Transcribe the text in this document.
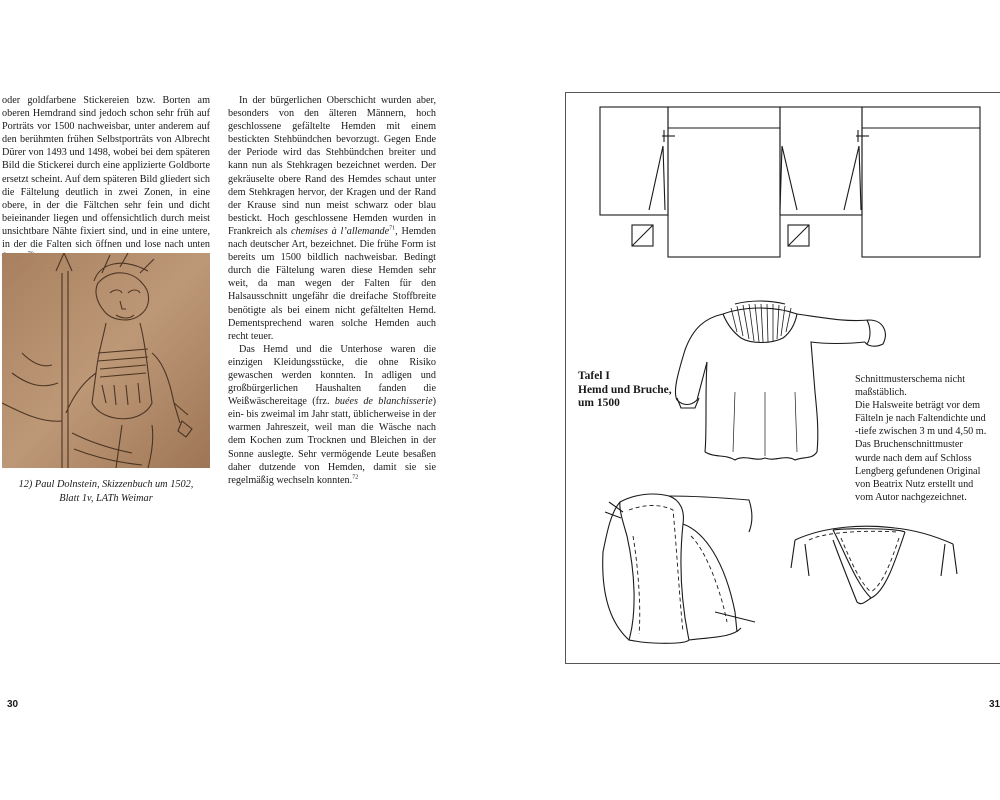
oder goldfarbene Stickereien bzw. Borten am oberen Hemdrand sind jedoch schon sehr früh auf Porträts vor 1500 nachweisbar, unter anderem auf den berühmten frühen Selbstporträts von Albrecht Dürer von 1493 und 1498, wobei bei dem späteren Bild die Stickerei durch eine applizierte Goldborte ersetzt scheint. Auf dem späteren Bild gliedert sich die Fältelung deutlich in zwei Zonen, in eine obere, in der die Fältchen sehr fein und dicht beieinander liegen und offensichtlich durch meist unsichtbare Nähte fixiert sind, und in eine untere, in der die Falten sich öffnen und lose nach unten

12) Paul Dolnstein, Skizzenbuch um 1502,
Blatt 1v, LATh Weimar

In der bürgerlichen Oberschicht wurden aber, besonders von den älteren Männern, hoch geschlossene gefältelte Hemden mit einem bestickten Stehbündchen bevorzugt. Gegen Ende der Periode wird das Stehbündchen breiter und kann nun als Stehkragen bezeichnet werden. Der gekräuselte obere Rand des Hemdes schaut unter dem Stehkragen hervor, der Kragen und der Rand der Krause sind nun meist schwarz oder blau bestickt. Hoch geschlossene Hemden wurden in Frankreich als chemises à l’allemande$^{71}$, Hemden nach deutscher Art, bezeichnet. Die frühe Form ist bereits um 1500 bildlich nachweisbar. Bedingt durch die Fältelung waren diese Hemden sehr weit, da man wegen der Falten für den Halsausschnitt ungefähr die dreifache Stoffbreite benötigte als bei einem nicht gefältelten Hemd. Dementsprechend waren solche Hemden auch recht teuer.

Das Hemd und die Unterhose waren die einzigen Kleidungsstücke, die ohne Risiko gewaschen werden konnten. In adligen und großbürgerlichen Haushalten fanden die Weißwäschereitage (frz. buées de blanchisserie) ein- bis zweimal im Jahr statt, üblicherweise in der warmen Jahreszeit, weil man die Wäsche nach dem Kochen zum Trocknen und Bleichen in der Sonne auslegte. Sehr vermögende Leute besaßen daher dutzende von Hemden, damit sie sie regelmäßig wechseln konnten.$^{72}$

30
Tafel I
Hemd und Bruche,
um 1500
Schnittmusterschema nicht
maßstäblich.
Die Halsweite beträgt vor dem
Fälteln je nach Faltendichte und
-tiefe zwischen 3 m und 4,50 m.
Das Bruchenschnittmuster
wurde nach dem auf Schloss
Lengberg gefundenen Original
von Beatrix Nutz erstellt und
vom Autor nachgezeichnet.
31
